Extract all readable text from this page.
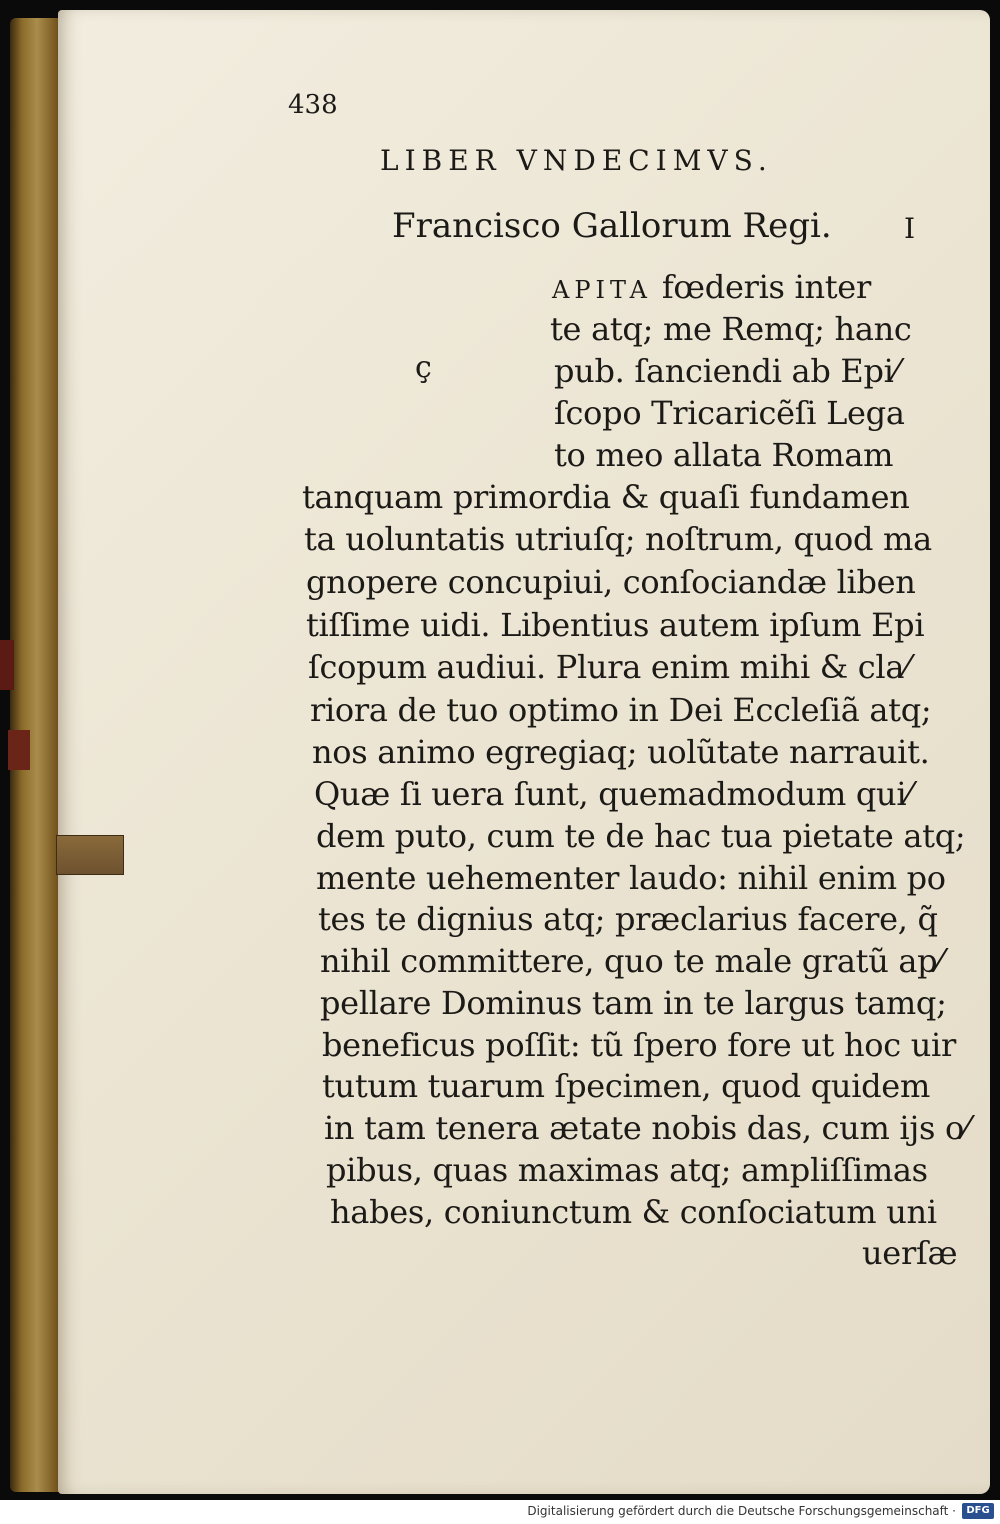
438
LIBER VNDECIMVS.
Francisco Gallorum Regi.	I
ç
APITA fœderis inter
te atq; me Remq; hanc
pub. ſanciendi ab Epi⁄
ſcopo Tricaricẽſi Lega
to meo allata Romam
tanquam primordia & quaſi fundamen
ta uoluntatis utriuſq; noſtrum, quod ma
gnopere concupiui, conſociandæ liben
tiſſime uidi. Libentius autem ipſum Epi
ſcopum audiui. Plura enim mihi & cla⁄
riora de tuo optimo in Dei Eccleſiã atq;
nos animo egregiaq; uolũtate narrauit.
Quæ ſi uera ſunt, quemadmodum qui⁄
dem puto, cum te de hac tua pietate atq;
mente uehementer laudo: nihil enim po
tes te dignius atq; præclarius facere, q̃
nihil committere, quo te male gratũ ap⁄
pellare Dominus tam in te largus tamq;
beneficus poſſit: tũ ſpero fore ut hoc uir
tutum tuarum ſpecimen, quod quidem
in tam tenera ætate nobis das, cum ijs o⁄
pibus, quas maximas atq; ampliſſimas
habes, coniunctum & conſociatum uni
uerſæ
Digitalisierung gefördert durch die Deutsche Forschungsgemeinschaft ·	DFG
